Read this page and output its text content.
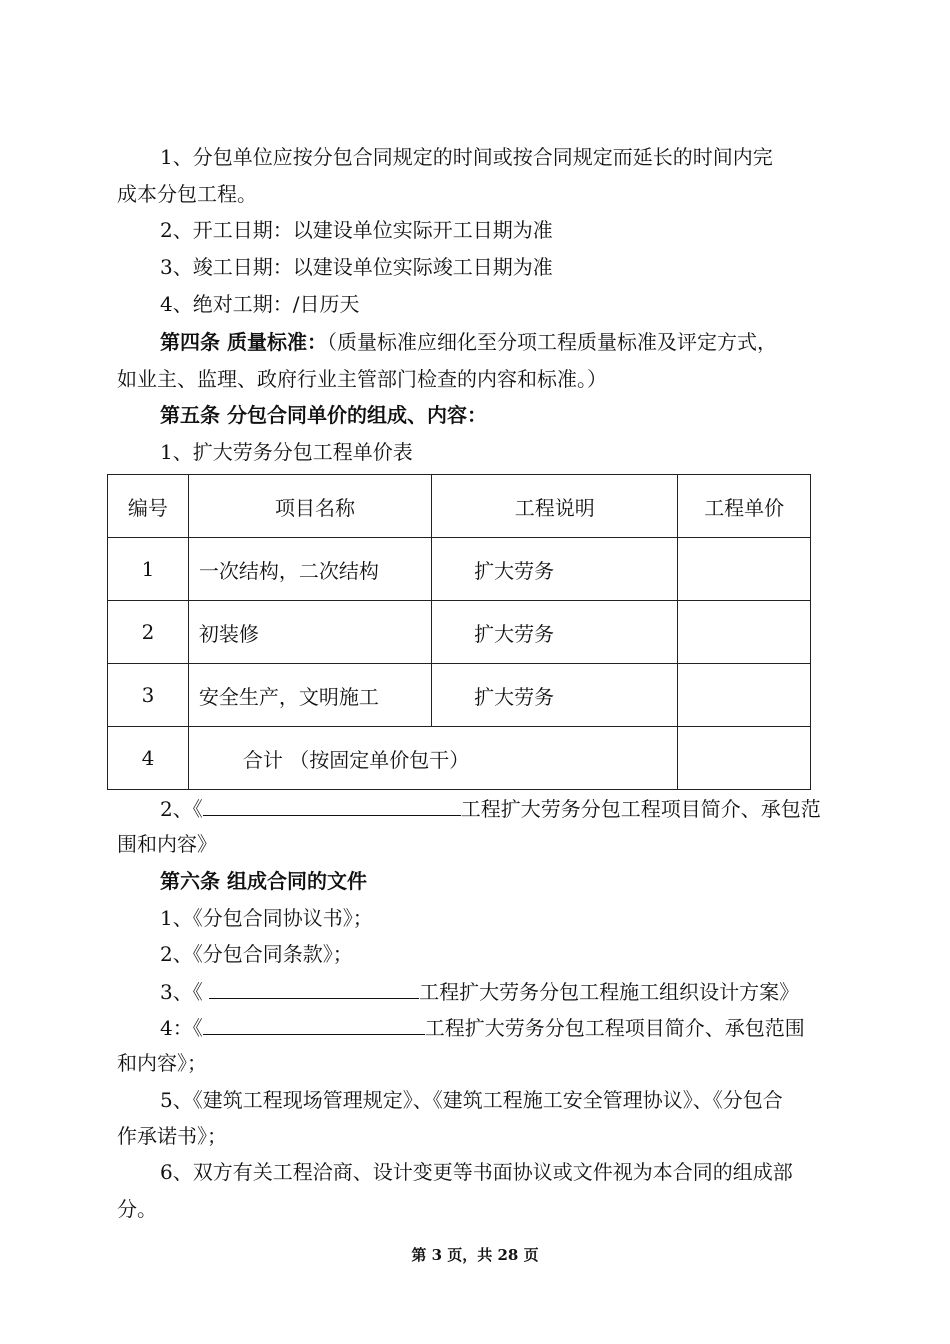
1、分包单位应按分包合同规定的时间或按合同规定而延长的时间内完
成本分包工程。
2、开工日期：以建设单位实际开工日期为准
3、竣工日期：以建设单位实际竣工日期为准
4、绝对工期：/日历天
第四条 质量标准：（质量标准应细化至分项工程质量标准及评定方式，
如业主、监理、政府行业主管部门检查的内容和标准。）
第五条 分包合同单价的组成、内容：
1、扩大劳务分包工程单价表
编号	项目名称	工程说明	工程单价
1	一次结构，二次结构	扩大劳务	
2	初装修	扩大劳务	
3	安全生产，文明施工	扩大劳务	
4	合计 （按固定单价包干）		
2、《	工程扩大劳务分包工程项目简介、承包范
围和内容》
第六条 组成合同的文件
1、《分包合同协议书》；
2、《分包合同条款》；
3、《	工程扩大劳务分包工程施工组织设计方案》
4：《	工程扩大劳务分包工程项目简介、承包范围
和内容》；
5、《建筑工程现场管理规定》、《建筑工程施工安全管理协议》、《分包合
作承诺书》；
6、双方有关工程洽商、设计变更等书面协议或文件视为本合同的组成部
分。
第 3 页，共 28 页
